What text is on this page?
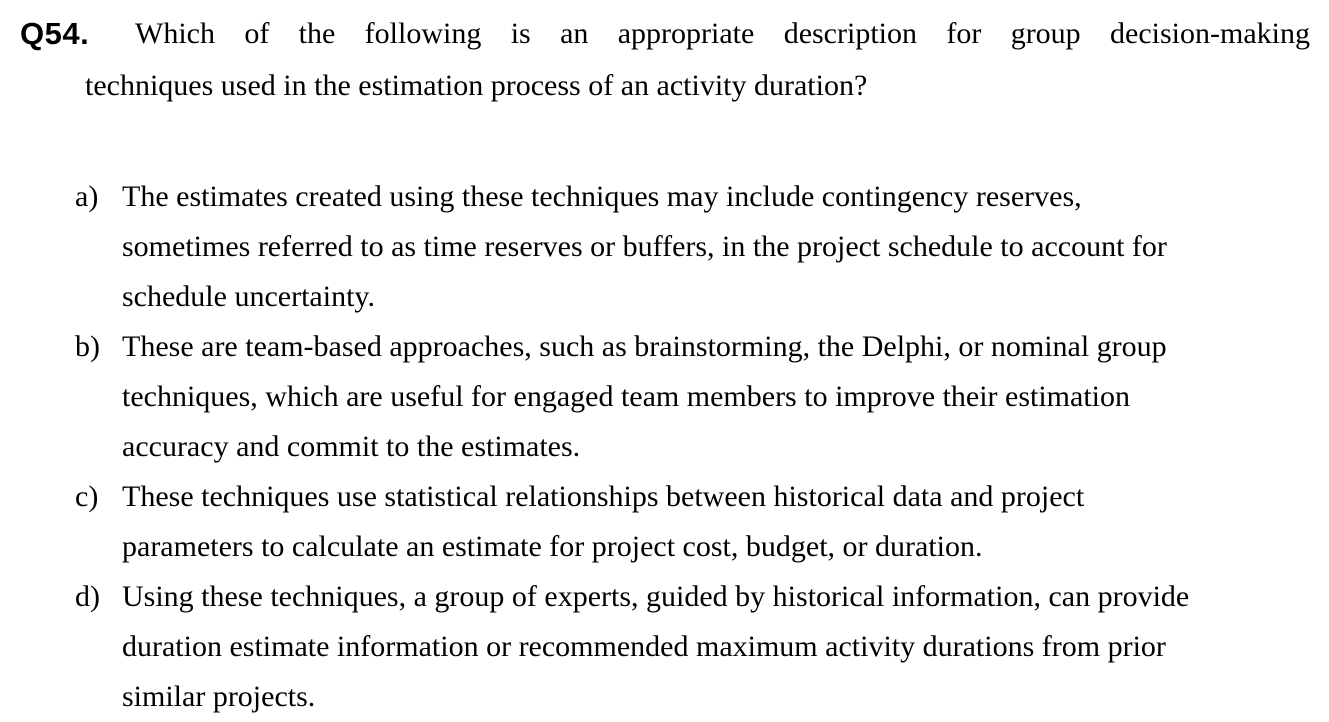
Q54.	Which of the following is an appropriate description for group decision-making
techniques used in the estimation process of an activity duration?
a) The estimates created using these techniques may include contingency reserves,
sometimes referred to as time reserves or buffers, in the project schedule to account for
schedule uncertainty.
b) These are team-based approaches, such as brainstorming, the Delphi, or nominal group
techniques, which are useful for engaged team members to improve their estimation
accuracy and commit to the estimates.
c) These techniques use statistical relationships between historical data and project
parameters to calculate an estimate for project cost, budget, or duration.
d) Using these techniques, a group of experts, guided by historical information, can provide
duration estimate information or recommended maximum activity durations from prior
similar projects.
